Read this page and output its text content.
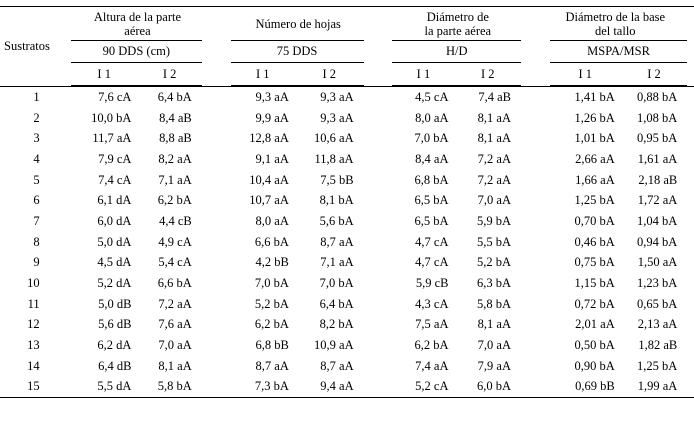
Sustratos	Altura de la parte
aérea				Número de hojas				Diámetro de
la parte aérea				Diámetro de la base
del tallo			
		90 DDS (cm)				75 DDS				H/D				MSPA/MSR		
		I 1	I 2			I 1	I 2			I 1	I 2			I 1	I 2	

1		7,6 cA	6,4 bA			9,3 aA	9,3 aA			4,5 cA	7,4 aB			1,41 bA	0,88 bA	
2		10,0 bA	8,4 aB			9,9 aA	9,3 aA			8,0 aA	8,1 aA			1,26 bA	1,08 bA	
3		11,7 aA	8,8 aB			12,8 aA	10,6 aA			7,0 bA	8,1 aA			1,01 bA	0,95 bA	
4		7,9 cA	8,2 aA			9,1 aA	11,8 aA			8,4 aA	7,2 aA			2,66 aA	1,61 aA	
5		7,4 cA	7,1 aA			10,4 aA	7,5 bB			6,8 bA	7,2 aA			1,66 aA	2,18 aB	
6		6,1 dA	6,2 bA			10,7 aA	8,1 bA			6,5 bA	7,0 aA			1,25 bA	1,72 aA	
7		6,0 dA	4,4 cB			8,0 aA	5,6 bA			6,5 bA	5,9 bA			0,70 bA	1,04 bA	
8		5,0 dA	4,9 cA			6,6 bA	8,7 aA			4,7 cA	5,5 bA			0,46 bA	0,94 bA	
9		4,5 dA	5,4 cA			4,2 bB	7,1 aA			4,7 cA	5,2 bA			0,75 bA	1,50 aA	
10		5,2 dA	6,6 bA			7,0 bA	7,0 bA			5,9 cB	6,3 bA			1,15 bA	1,23 bA	
11		5,0 dB	7,2 aA			5,2 bA	6,4 bA			4,3 cA	5,8 bA			0,72 bA	0,65 bA	
12		5,6 dB	7,6 aA			6,2 bA	8,2 bA			7,5 aA	8,1 aA			2,01 aA	2,13 aA	
13		6,2 dA	7,0 aA			6,8 bB	10,9 aA			6,2 bA	7,0 aA			0,50 bA	1,82 aB	
14		6,4 dB	8,1 aA			8,7 aA	8,7 aA			7,4 aA	7,9 aA			0,90 bA	1,25 bA	
15		5,5 dA	5,8 bA			7,3 bA	9,4 aA			5,2 cA	6,0 bA			0,69 bB	1,99 aA	
